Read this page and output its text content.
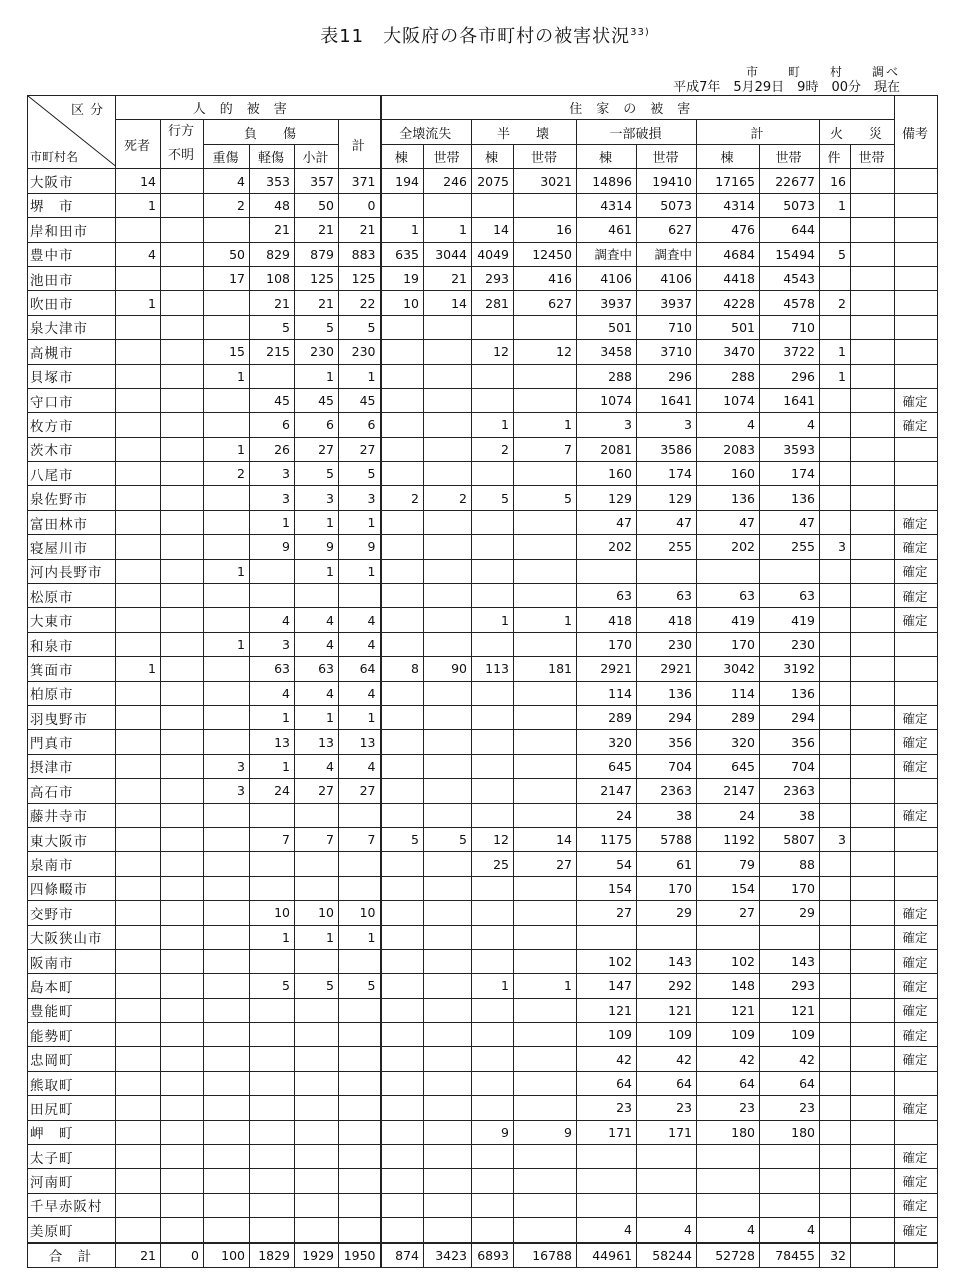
表11　大阪府の各市町村の被害状況$^{33)}$
市　　町　　村　　調べ
平成7年　5月29日　9時　00分　現在
区分
市町村名	人的被害						住家の被害										備考
	死者	行方不明	負　　傷			計	全壊流失		半　　壊		一部破損		計		火　　災		
			重傷	軽傷	小計		棟	世帯	棟	世帯	棟	世帯	棟	世帯	件	世帯	
大阪市	14		4	353	357	371	194	246	2075	3021	14896	19410	17165	22677	16		
堺　市	1		2	48	50	0					4314	5073	4314	5073	1		
岸和田市				21	21	21	1	1	14	16	461	627	476	644			
豊中市	4		50	829	879	883	635	3044	4049	12450	調査中	調査中	4684	15494	5		
池田市			17	108	125	125	19	21	293	416	4106	4106	4418	4543			
吹田市	1			21	21	22	10	14	281	627	3937	3937	4228	4578	2		
泉大津市				5	5	5					501	710	501	710			
高槻市			15	215	230	230			12	12	3458	3710	3470	3722	1		
貝塚市			1		1	1					288	296	288	296	1		
守口市				45	45	45					1074	1641	1074	1641			確定
枚方市				6	6	6			1	1	3	3	4	4			確定
茨木市			1	26	27	27			2	7	2081	3586	2083	3593			
八尾市			2	3	5	5					160	174	160	174			
泉佐野市				3	3	3	2	2	5	5	129	129	136	136			
富田林市				1	1	1					47	47	47	47			確定
寝屋川市				9	9	9					202	255	202	255	3		確定
河内長野市			1		1	1											確定
松原市											63	63	63	63			確定
大東市				4	4	4			1	1	418	418	419	419			確定
和泉市			1	3	4	4					170	230	170	230			
箕面市	1			63	63	64	8	90	113	181	2921	2921	3042	3192			
柏原市				4	4	4					114	136	114	136			
羽曳野市				1	1	1					289	294	289	294			確定
門真市				13	13	13					320	356	320	356			確定
摂津市			3	1	4	4					645	704	645	704			確定
高石市			3	24	27	27					2147	2363	2147	2363			
藤井寺市											24	38	24	38			確定
東大阪市				7	7	7	5	5	12	14	1175	5788	1192	5807	3		
泉南市									25	27	54	61	79	88			
四條畷市											154	170	154	170			
交野市				10	10	10					27	29	27	29			確定
大阪狭山市				1	1	1											確定
阪南市											102	143	102	143			確定
島本町				5	5	5			1	1	147	292	148	293			確定
豊能町											121	121	121	121			確定
能勢町											109	109	109	109			確定
忠岡町											42	42	42	42			確定
熊取町											64	64	64	64			
田尻町											23	23	23	23			確定
岬　町									9	9	171	171	180	180			
太子町																	確定
河南町																	確定
千早赤阪村																	確定
美原町											4	4	4	4			確定
合　計	21	0	100	1829	1929	1950	874	3423	6893	16788	44961	58244	52728	78455	32		
